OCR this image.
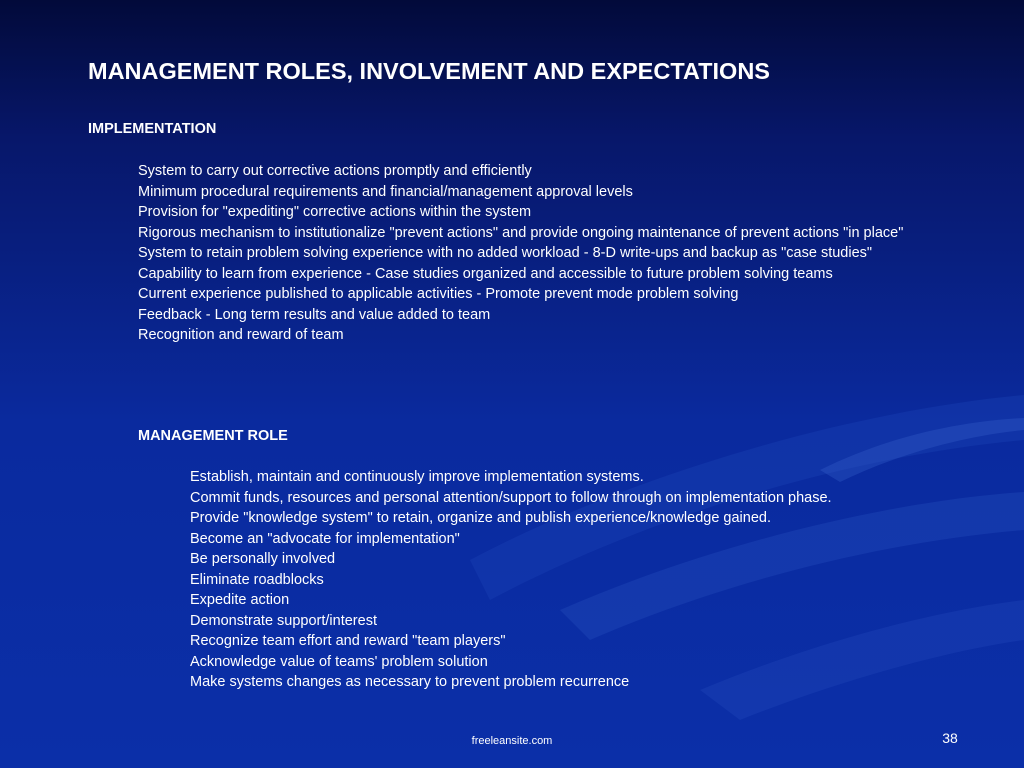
MANAGEMENT ROLES, INVOLVEMENT AND EXPECTATIONS
IMPLEMENTATION
System to carry out corrective actions promptly and efficiently
Minimum procedural requirements and financial/management approval levels
Provision for "expediting" corrective actions within the system
Rigorous mechanism to institutionalize "prevent actions" and provide ongoing maintenance of prevent actions "in place"
System to retain problem solving experience with no added workload - 8-D write-ups and backup as "case studies"
Capability to learn from experience - Case studies organized and accessible to future problem solving teams
Current experience published to applicable activities - Promote prevent mode problem solving
Feedback - Long term results and value added to team
Recognition and reward of team
MANAGEMENT ROLE
Establish, maintain and continuously improve implementation systems.
Commit funds, resources and personal attention/support to follow through on implementation phase.
Provide "knowledge system" to retain, organize and publish experience/knowledge gained.
Become an "advocate for implementation"
Be personally involved
Eliminate roadblocks
Expedite action
Demonstrate support/interest
Recognize team effort and reward "team players"
Acknowledge value of teams' problem solution
Make systems changes as necessary to prevent problem recurrence
freeleansite.com	38
